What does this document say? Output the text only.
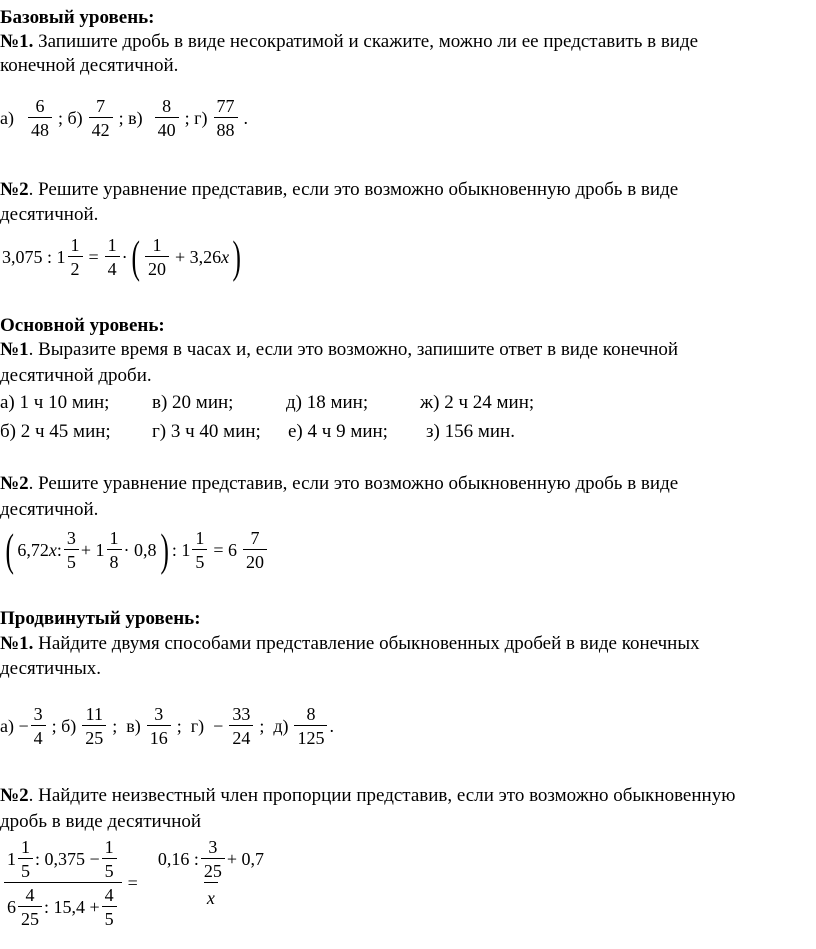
Базовый уровень:
№1. Запишите дробь в виде несократимой и скажите, можно ли ее представить в виде
конечной десятичной.
$а) \frac{6}{48}$ ; $б) \frac{7}{42}$ ; $в) \frac{8}{40}$ ; $г) \frac{77}{88}$ .
№2. Решите уравнение представив, если это возможно обыкновенную дробь в виде
десятичной.
3,075 : $1 \frac{1}{2} = \frac{1}{4}$ · ( $\frac{1}{20} + 3,26$ x )
Основной уровень:
№1. Выразите время в часах и, если это возможно, запишите ответ в виде конечной
десятичной дроби.
а) 1 ч 10 мин; в) 20 мин;	д) 18 мин;	ж) 2 ч 24 мин;
б) 2 ч 45 мин; г) 3 ч 40 мин; е) 4 ч 9 мин; з) 156 мин.
№2. Решите уравнение представив, если это возможно обыкновенную дробь в виде
десятичной.
( 6,72 x : $\frac{3}{5} + 1 \frac{1}{8} \cdot 0,8$ ) : $1 \frac{1}{5} = 6 \frac{7}{20}$
Продвинутый уровень:
№1. Найдите двумя способами представление обыкновенных дробей в виде конечных
десятичных.
$а) - \frac{3}{4}$ ; $б) \frac{11}{25}$ ;  $в) \frac{3}{16}$ ;  $г) - \frac{33}{24}$ ;  $д) \frac{8}{125}$ .
№2. Найдите неизвестный член пропорции представив, если это возможно обыкновенную
дробь в виде десятичной
$\frac{1 \frac{1}{5} : 0,375 - \frac{1}{5}}{6 \frac{4}{25} : 15,4 + \frac{4}{5}} = \frac{0,16 : \frac{3}{25} + 0,7}{x}$
